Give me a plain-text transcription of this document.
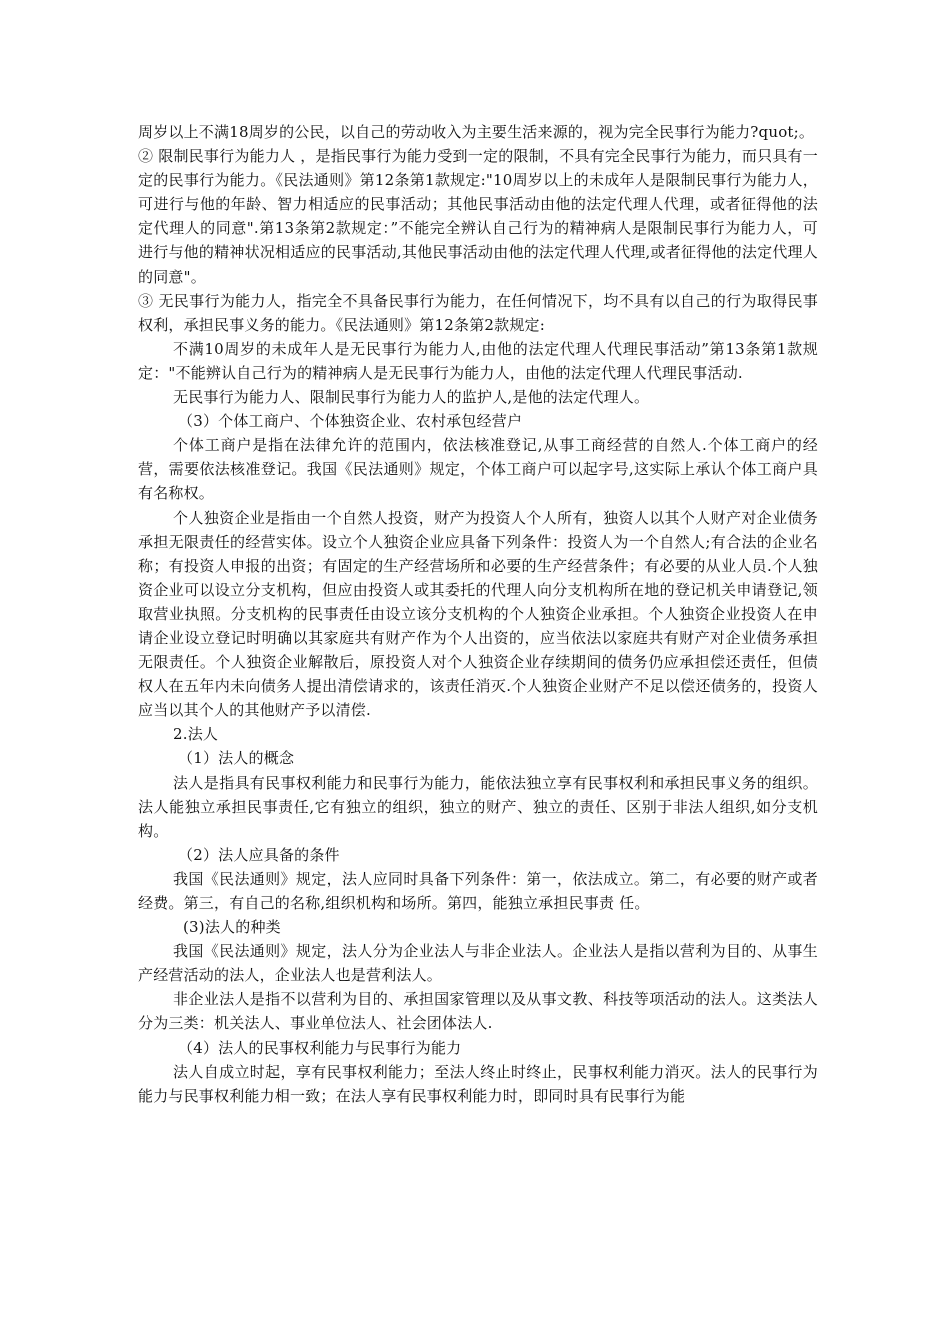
周岁以上不满18周岁的公民，以自己的劳动收入为主要生活来源的，视为完全民事行为能力?quot;。

② 限制民事行为能力人 ，是指民事行为能力受到一定的限制，不具有完全民事行为能力，而只具有一定的民事行为能力。《民法通则》第12条第1款规定:"10周岁以上的未成年人是限制民事行为能力人，可进行与他的年龄、智力相适应的民事活动；其他民事活动由他的法定代理人代理，或者征得他的法定代理人的同意".第13条第2款规定：”不能完全辨认自己行为的精神病人是限制民事行为能力人，可进行与他的精神状况相适应的民事活动,其他民事活动由他的法定代理人代理,或者征得他的法定代理人的同意"。

③ 无民事行为能力人，指完全不具备民事行为能力，在任何情况下，均不具有以自己的行为取得民事权利，承担民事义务的能力。《民法通则》第12条第2款规定:

不满10周岁的未成年人是无民事行为能力人,由他的法定代理人代理民事活动”第13条第1款规定："不能辨认自己行为的精神病人是无民事行为能力人，由他的法定代理人代理民事活动.

无民事行为能力人、限制民事行为能力人的监护人,是他的法定代理人。

（3）个体工商户、个体独资企业、农村承包经营户

个体工商户是指在法律允许的范围内，依法核准登记,从事工商经营的自然人.个体工商户的经营，需要依法核准登记。我国《民法通则》规定，个体工商户可以起字号,这实际上承认个体工商户具有名称权。

个人独资企业是指由一个自然人投资，财产为投资人个人所有，独资人以其个人财产对企业债务承担无限责任的经营实体。设立个人独资企业应具备下列条件：投资人为一个自然人;有合法的企业名称；有投资人申报的出资；有固定的生产经营场所和必要的生产经营条件；有必要的从业人员.个人独资企业可以设立分支机构，但应由投资人或其委托的代理人向分支机构所在地的登记机关申请登记,领取营业执照。分支机构的民事责任由设立该分支机构的个人独资企业承担。个人独资企业投资人在申请企业设立登记时明确以其家庭共有财产作为个人出资的，应当依法以家庭共有财产对企业债务承担无限责任。个人独资企业解散后，原投资人对个人独资企业存续期间的债务仍应承担偿还责任，但债权人在五年内未向债务人提出清偿请求的，该责任消灭.个人独资企业财产不足以偿还债务的，投资人应当以其个人的其他财产予以清偿.

2.法人

（1）法人的概念

法人是指具有民事权利能力和民事行为能力，能依法独立享有民事权利和承担民事义务的组织。法人能独立承担民事责任,它有独立的组织，独立的财产、独立的责任、区别于非法人组织,如分支机构。

（2）法人应具备的条件

我国《民法通则》规定，法人应同时具备下列条件：第一，依法成立。第二，有必要的财产或者经费。第三，有自己的名称,组织机构和场所。第四，能独立承担民事责 任。

(3)法人的种类

我国《民法通则》规定，法人分为企业法人与非企业法人。企业法人是指以营利为目的、从事生产经营活动的法人，企业法人也是营利法人。

非企业法人是指不以营利为目的、承担国家管理以及从事文教、科技等项活动的法人。这类法人分为三类：机关法人、事业单位法人、社会团体法人.

（4）法人的民事权利能力与民事行为能力

法人自成立时起，享有民事权利能力；至法人终止时终止，民事权利能力消灭。法人的民事行为能力与民事权利能力相一致；在法人享有民事权利能力时，即同时具有民事行为能
